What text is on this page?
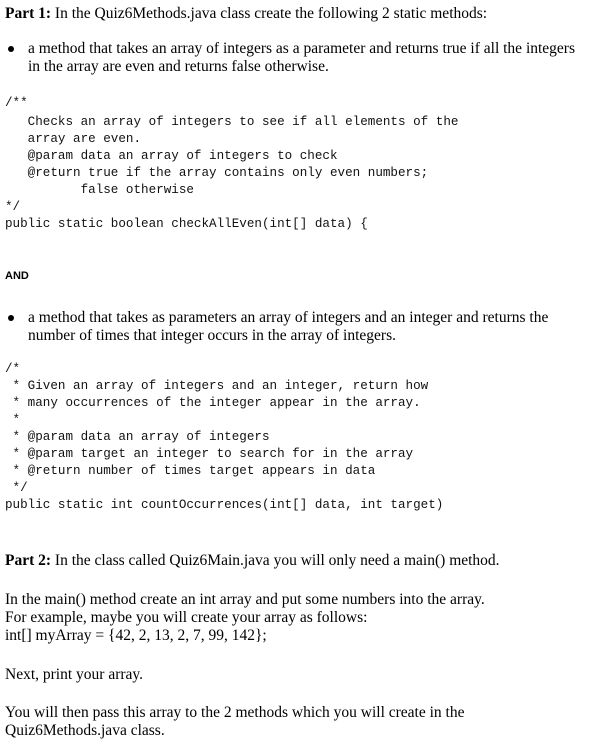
Part 1: In the Quiz6Methods.java class create the following 2 static methods:
a method that takes an array of integers as a parameter and returns true if all the integers in the array are even and returns false otherwise.
/**
Checks an array of integers to see if all elements of the
array are even.
@param data an array of integers to check
@return true if the array contains only even numbers;
false otherwise
*/
public static boolean checkAllEven(int[] data) {
AND
a method that takes as parameters an array of integers and an integer and returns the number of times that integer occurs in the array of integers.
/*
* Given an array of integers and an integer, return how
* many occurrences of the integer appear in the array.
*
* @param data an array of integers
* @param target an integer to search for in the array
* @return number of times target appears in data
*/
public static int countOccurrences(int[] data, int target)
Part 2: In the class called Quiz6Main.java you will only need a main() method.
In the main() method create an int array and put some numbers into the array.
For example, maybe you will create your array as follows:
int[] myArray = {42, 2, 13, 2, 7, 99, 142};
Next, print your array.
You will then pass this array to the 2 methods which you will create in the
Quiz6Methods.java class.
